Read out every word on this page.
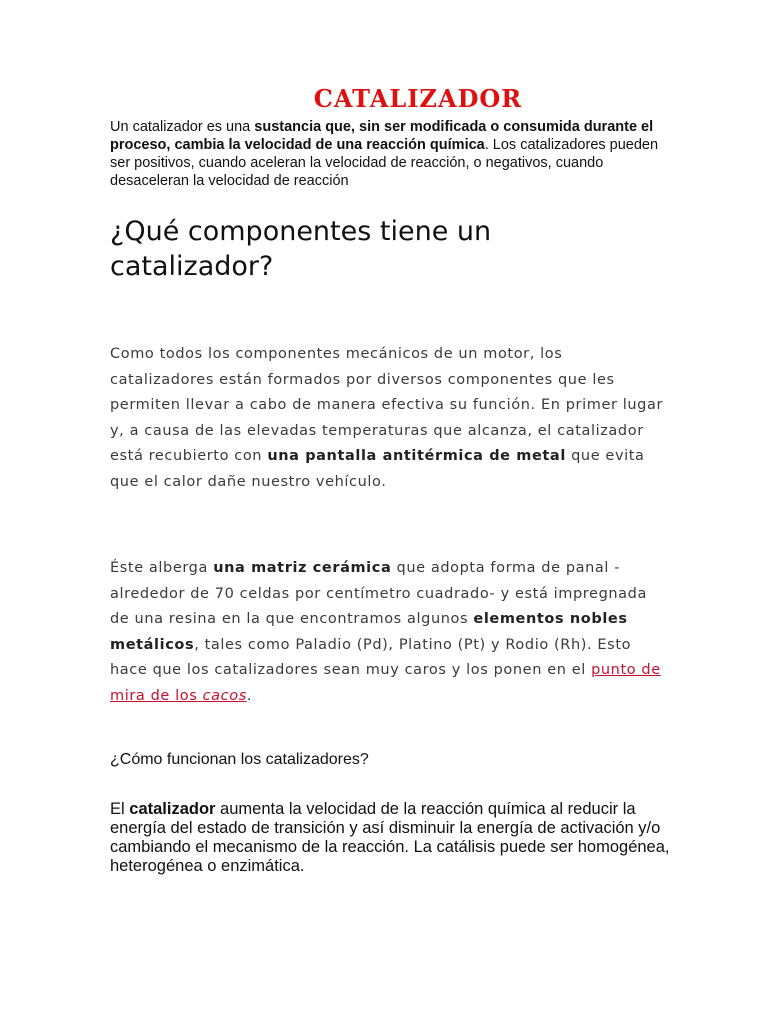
CATALIZADOR

Un catalizador es una sustancia que, sin ser modificada o consumida durante el proceso, cambia la velocidad de una reacción química. Los catalizadores pueden ser positivos, cuando aceleran la velocidad de reacción, o negativos, cuando desaceleran la velocidad de reacción

¿Qué componentes tiene un catalizador?

Como todos los componentes mecánicos de un motor, los catalizadores están formados por diversos componentes que les permiten llevar a cabo de manera efectiva su función. En primer lugar y, a causa de las elevadas temperaturas que alcanza, el catalizador está recubierto con una pantalla antitérmica de metal que evita que el calor dañe nuestro vehículo.

Éste alberga una matriz cerámica que adopta forma de panal -alrededor de 70 celdas por centímetro cuadrado- y está impregnada de una resina en la que encontramos algunos elementos nobles metálicos, tales como Paladio (Pd), Platino (Pt) y Rodio (Rh). Esto hace que los catalizadores sean muy caros y los ponen en el punto de mira de los cacos.

¿Cómo funcionan los catalizadores?

El catalizador aumenta la velocidad de la reacción química al reducir la energía del estado de transición y así disminuir la energía de activación y/o cambiando el mecanismo de la reacción. La catálisis puede ser homogénea, heterogénea o enzimática.
